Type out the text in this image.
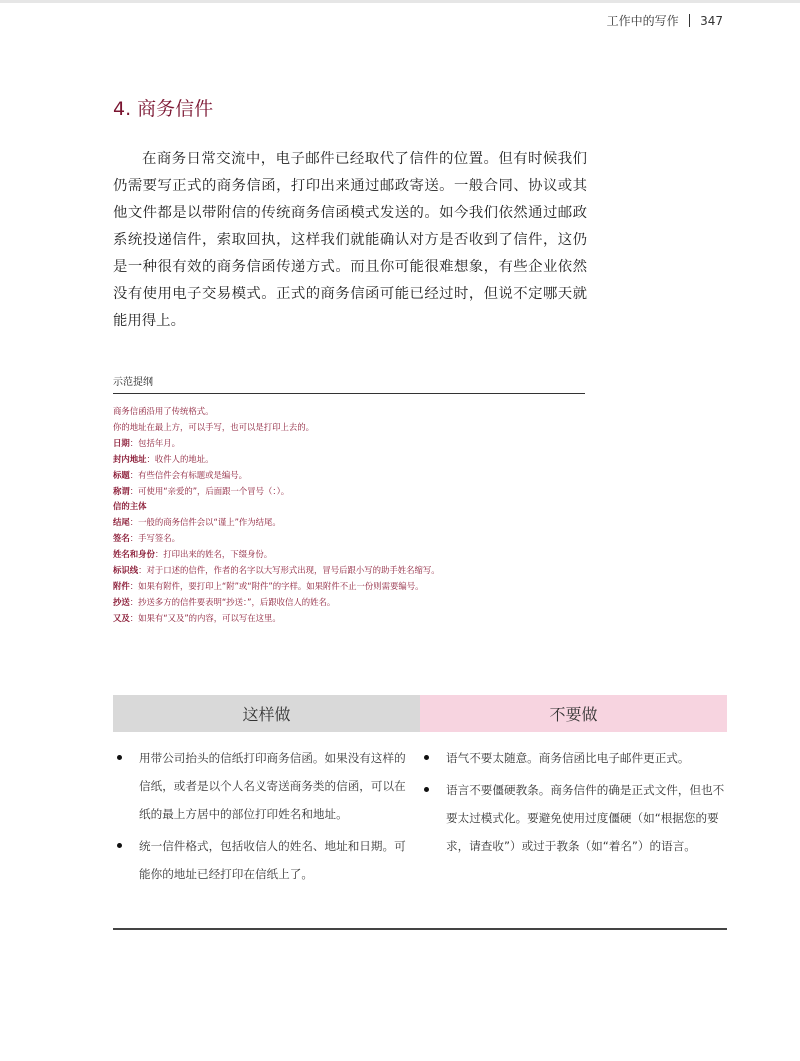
工作中的写作 347
4. 商务信件

在商务日常交流中，电子邮件已经取代了信件的位置。但有时候我们仍需要写正式的商务信函，打印出来通过邮政寄送。一般合同、协议或其他文件都是以带附信的传统商务信函模式发送的。如今我们依然通过邮政系统投递信件，索取回执，这样我们就能确认对方是否收到了信件，这仍是一种很有效的商务信函传递方式。而且你可能很难想象，有些企业依然没有使用电子交易模式。正式的商务信函可能已经过时，但说不定哪天就能用得上。

示范提纲
商务信函沿用了传统格式。
你的地址在最上方，可以手写，也可以是打印上去的。
日期：包括年月。
封内地址：收件人的地址。
标题：有些信件会有标题或是编号。
称谓：可使用“亲爱的”，后面跟一个冒号（：）。
信的主体
结尾：一般的商务信件会以“谨上”作为结尾。
签名：手写签名。
姓名和身份：打印出来的姓名，下缀身份。
标识线：对于口述的信件，作者的名字以大写形式出现，冒号后跟小写的助手姓名缩写。
附件：如果有附件，要打印上“附”或“附件”的字样。如果附件不止一份则需要编号。
抄送：抄送多方的信件要表明“抄送：”，后跟收信人的姓名。
又及：如果有“又及”的内容，可以写在这里。
这样做	不要做
用带公司抬头的信纸打印商务信函。如果没有这样的信纸，或者是以个人名义寄送商务类的信函，可以在纸的最上方居中的部位打印姓名和地址。
统一信件格式，包括收信人的姓名、地址和日期。可能你的地址已经打印在信纸上了。
语气不要太随意。商务信函比电子邮件更正式。
语言不要僵硬教条。商务信件的确是正式文件，但也不要太过模式化。要避免使用过度僵硬（如“根据您的要求，请查收”）或过于教条（如“着名”）的语言。
